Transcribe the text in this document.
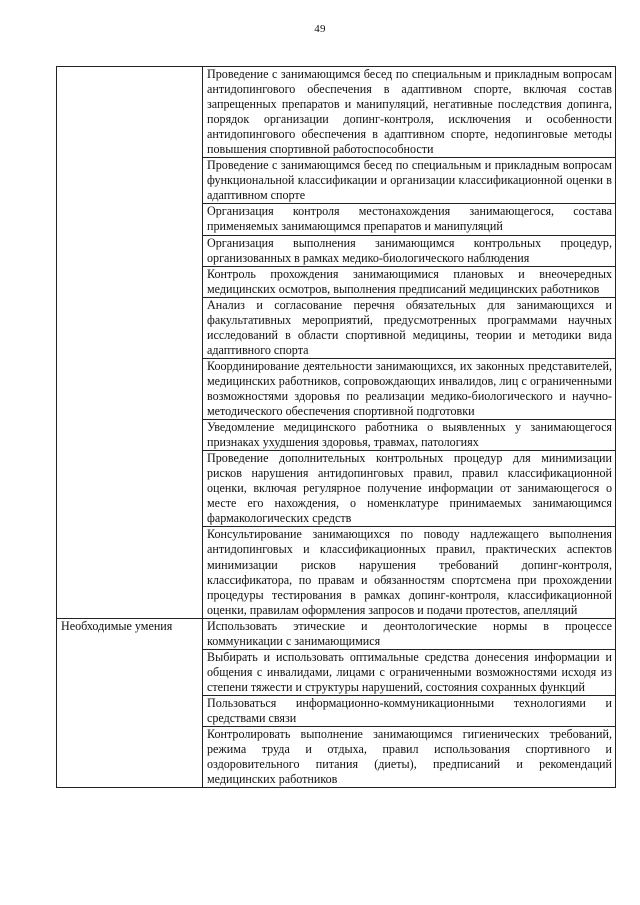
49
	Проведение с занимающимся бесед по специальным и прикладным вопросам антидопингового обеспечения в адаптивном спорте, включая состав запрещенных препаратов и манипуляций, негативные последствия допинга, порядок организации допинг-контроля, исключения и особенности антидопингового обеспечения в адаптивном спорте, недопинговые методы повышения спортивной работоспособности
	Проведение с занимающимся бесед по специальным и прикладным вопросам функциональной классификации и организации классификационной оценки в адаптивном спорте
	Организация контроля местонахождения занимающегося, состава применяемых занимающимся препаратов и манипуляций
	Организация выполнения занимающимся контрольных процедур, организованных в рамках медико-биологического наблюдения
	Контроль прохождения занимающимися плановых и внеочередных медицинских осмотров, выполнения предписаний медицинских работников
	Анализ и согласование перечня обязательных для занимающихся и факультативных мероприятий, предусмотренных программами научных исследований в области спортивной медицины, теории и методики вида адаптивного спорта
	Координирование деятельности занимающихся, их законных представителей, медицинских работников, сопровождающих инвалидов, лиц с ограниченными возможностями здоровья по реализации медико-биологического и научно-методического обеспечения спортивной подготовки
	Уведомление медицинского работника о выявленных у занимающегося признаках ухудшения здоровья, травмах, патологиях
	Проведение дополнительных контрольных процедур для минимизации рисков нарушения антидопинговых правил, правил классификационной оценки, включая регулярное получение информации от занимающегося о месте его нахождения, о номенклатуре принимаемых занимающимся фармакологических средств
	Консультирование занимающихся по поводу надлежащего выполнения антидопинговых и классификационных правил, практических аспектов минимизации рисков нарушения требований допинг-контроля, классификатора, по правам и обязанностям спортсмена при прохождении процедуры тестирования в рамках допинг-контроля, классификационной оценки, правилам оформления запросов и подачи протестов, апелляций
Необходимые умения	Использовать этические и деонтологические нормы в процессе коммуникации с занимающимися
	Выбирать и использовать оптимальные средства донесения информации и общения с инвалидами, лицами с ограниченными возможностями исходя из степени тяжести и структуры нарушений, состояния сохранных функций
	Пользоваться информационно-коммуникационными технологиями и средствами связи
	Контролировать выполнение занимающимся гигиенических требований, режима труда и отдыха, правил использования спортивного и оздоровительного питания (диеты), предписаний и рекомендаций медицинских работников
